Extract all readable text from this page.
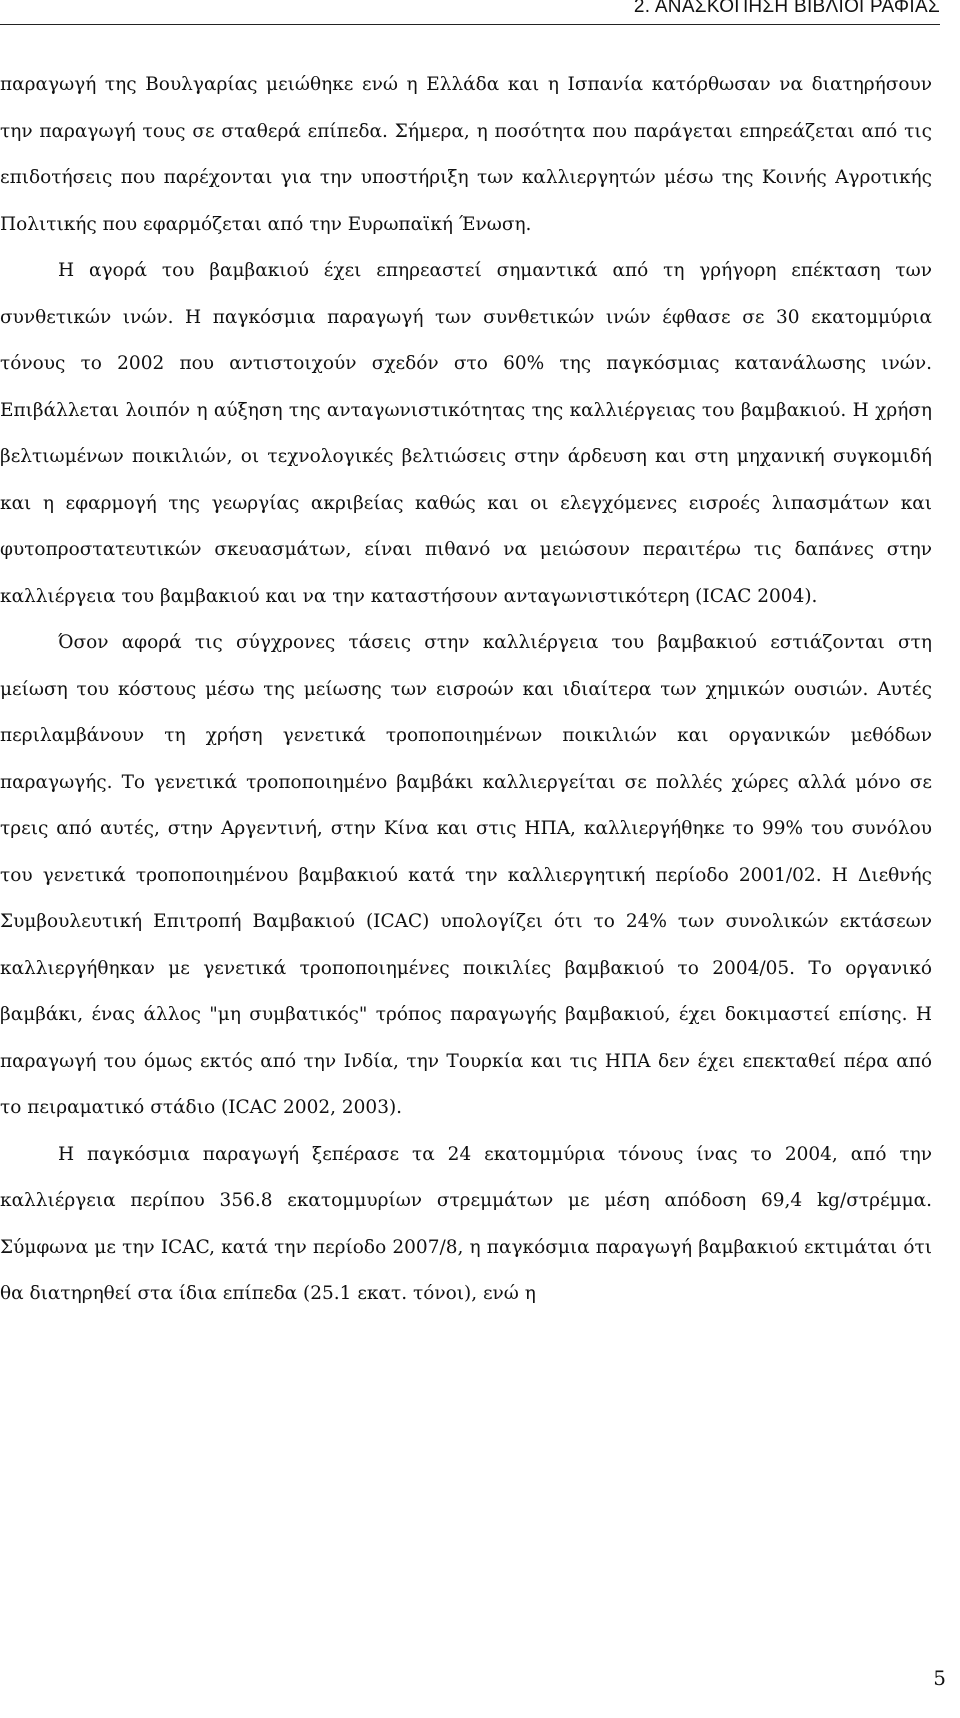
2. ΑΝΑΣΚΟΠΗΣΗ ΒΙΒΛΙΟΓΡΑΦΙΑΣ

παραγωγή της Βουλγαρίας μειώθηκε ενώ η Ελλάδα και η Ισπανία κατόρθωσαν να διατηρήσουν την παραγωγή τους σε σταθερά επίπεδα. Σήμερα, η ποσότητα που παράγεται επηρεάζεται από τις επιδοτήσεις που παρέχονται για την υποστήριξη των καλλιεργητών μέσω της Κοινής Αγροτικής Πολιτικής που εφαρμόζεται από την Ευρωπαϊκή Ένωση.

Η αγορά του βαμβακιού έχει επηρεαστεί σημαντικά από τη γρήγορη επέκταση των συνθετικών ινών. Η παγκόσμια παραγωγή των συνθετικών ινών έφθασε σε 30 εκατομμύρια τόνους το 2002 που αντιστοιχούν σχεδόν στο 60% της παγκόσμιας κατανάλωσης ινών. Επιβάλλεται λοιπόν η αύξηση της ανταγωνιστικότητας της καλλιέργειας του βαμβακιού. Η χρήση βελτιωμένων ποικιλιών, οι τεχνολογικές βελτιώσεις στην άρδευση και στη μηχανική συγκομιδή και η εφαρμογή της γεωργίας ακριβείας καθώς και οι ελεγχόμενες εισροές λιπασμάτων και φυτοπροστατευτικών σκευασμάτων, είναι πιθανό να μειώσουν περαιτέρω τις δαπάνες στην καλλιέργεια του βαμβακιού και να την καταστήσουν ανταγωνιστικότερη (ICAC 2004).

Όσον αφορά τις σύγχρονες τάσεις στην καλλιέργεια του βαμβακιού εστιάζονται στη μείωση του κόστους μέσω της μείωσης των εισροών και ιδιαίτερα των χημικών ουσιών. Αυτές περιλαμβάνουν τη χρήση γενετικά τροποποιημένων ποικιλιών και οργανικών μεθόδων παραγωγής. Το γενετικά τροποποιημένο βαμβάκι καλλιεργείται σε πολλές χώρες αλλά μόνο σε τρεις από αυτές, στην Αργεντινή, στην Κίνα και στις ΗΠΑ, καλλιεργήθηκε το 99% του συνόλου του γενετικά τροποποιημένου βαμβακιού κατά την καλλιεργητική περίοδο 2001/02. Η Διεθνής Συμβουλευτική Επιτροπή Βαμβακιού (ICAC) υπολογίζει ότι το 24% των συνολικών εκτάσεων καλλιεργήθηκαν με γενετικά τροποποιημένες ποικιλίες βαμβακιού το 2004/05. Το οργανικό βαμβάκι, ένας άλλος "μη συμβατικός" τρόπος παραγωγής βαμβακιού, έχει δοκιμαστεί επίσης. Η παραγωγή του όμως εκτός από την Ινδία, την Τουρκία και τις ΗΠΑ δεν έχει επεκταθεί πέρα από το πειραματικό στάδιο (ICAC 2002, 2003).

Η παγκόσμια παραγωγή ξεπέρασε τα 24 εκατομμύρια τόνους ίνας το 2004, από την καλλιέργεια περίπου 356.8 εκατομμυρίων στρεμμάτων με μέση απόδοση 69,4 kg/στρέμμα. Σύμφωνα με την ICAC, κατά την περίοδο 2007/8, η παγκόσμια παραγωγή βαμβακιού εκτιμάται ότι θα διατηρηθεί στα ίδια επίπεδα (25.1 εκατ. τόνοι), ενώ η

5
